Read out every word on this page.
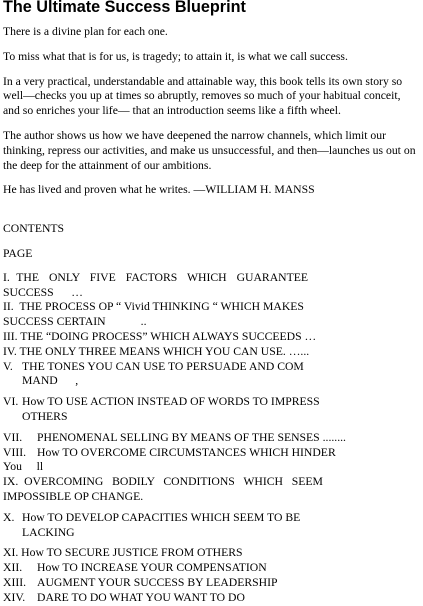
The Ultimate Success Blueprint

There is a divine plan for each one.

To miss what that is for us, is tragedy; to attain it, is what we call success.

In a very practical, understandable and attainable way, this book tells its own story so well—checks you up at times so abruptly, removes so much of your habitual conceit, and so enriches your life— that an introduction seems like a fifth wheel.

The author shows us how we have deepened the narrow channels, which limit our thinking, repress our activities, and make us unsuccessful, and then—launches us out on the deep for the attainment of our ambitions.

He has lived and proven what he writes. —WILLIAM H. MANSS

CONTENTS

PAGE

I.  THE   ONLY   FIVE   FACTORS   WHICH   GUARANTEE
SUCCESS      …
II.  THE PROCESS OP “ Vivid THINKING “ WHICH MAKES
SUCCESS CERTAIN            ..
III. THE “DOING PROCESS” WHICH ALWAYS SUCCEEDS …
IV. THE ONLY THREE MEANS WHICH YOU CAN USE. …...
V. THE TONES YOU CAN USE TO PERSUADE AND COM
MAND      ,
VI. How TO USE ACTION INSTEAD OF WORDS TO IMPRESS
OTHERS
VII.	PHENOMENAL SELLING BY MEANS OF THE SENSES ........
VIII. How TO OVERCOME CIRCUMSTANCES WHICH HINDER
You     ll
IX.  OVERCOMING   BODILY   CONDITIONS   WHICH   SEEM
IMPOSSIBLE OP CHANGE.
X. How TO DEVELOP CAPACITIES WHICH SEEM TO BE
LACKING
XI. How TO SECURE JUSTICE FROM OTHERS
XII.	How TO INCREASE YOUR COMPENSATION
XIII. AUGMENT YOUR SUCCESS BY LEADERSHIP
XIV.	DARE TO DO WHAT YOU WANT TO DO
